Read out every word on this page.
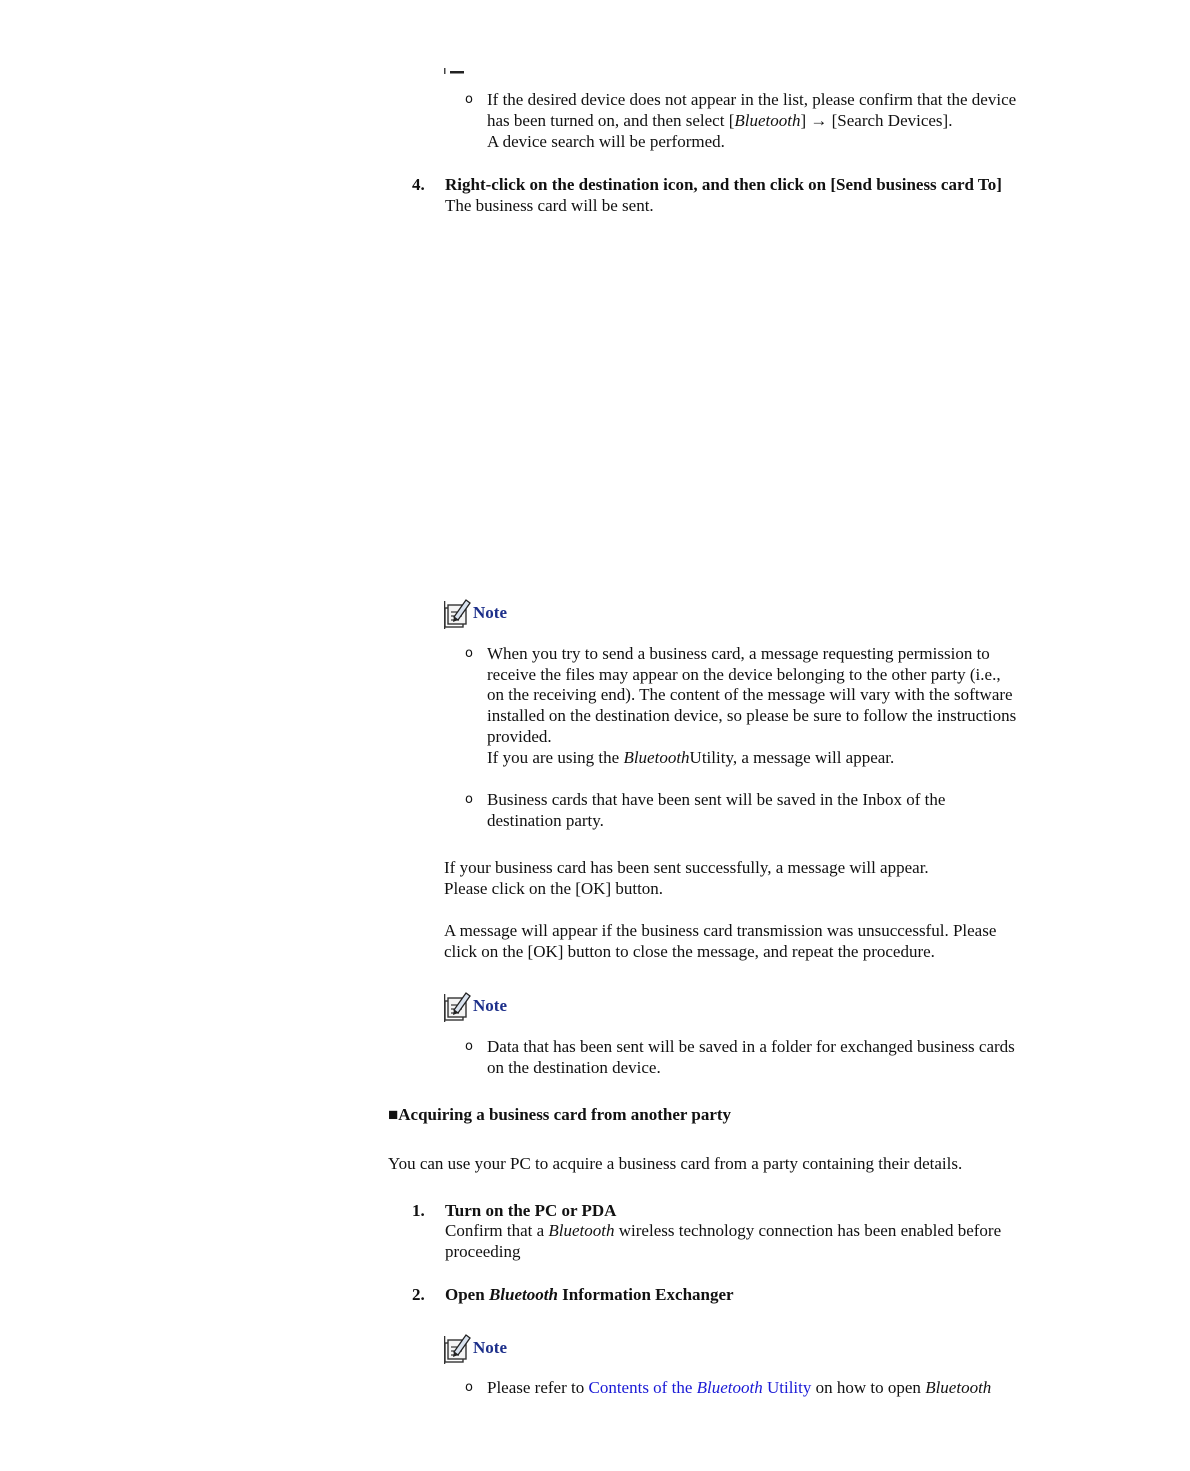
o If the desired device does not appear in the list, please confirm that the device
has been turned on, and then select [Bluetooth] → [Search Devices].
A device search will be performed.
4. Right-click on the destination icon, and then click on [Send business card To]
The business card will be sent.
Note
o When you try to send a business card, a message requesting permission to
receive the files may appear on the device belonging to the other party (i.e.,
on the receiving end). The content of the message will vary with the software
installed on the destination device, so please be sure to follow the instructions
provided.
If you are using the BluetoothUtility, a message will appear.
o Business cards that have been sent will be saved in the Inbox of the
destination party.
If your business card has been sent successfully, a message will appear.
Please click on the [OK] button.
A message will appear if the business card transmission was unsuccessful. Please
click on the [OK] button to close the message, and repeat the procedure.
Note
o Data that has been sent will be saved in a folder for exchanged business cards
on the destination device.
■Acquiring a business card from another party
You can use your PC to acquire a business card from a party containing their details.
1. Turn on the PC or PDA
Confirm that a Bluetooth wireless technology connection has been enabled before
proceeding
2. Open Bluetooth Information Exchanger
Note
o Please refer to Contents of the Bluetooth Utility on how to open Bluetooth
